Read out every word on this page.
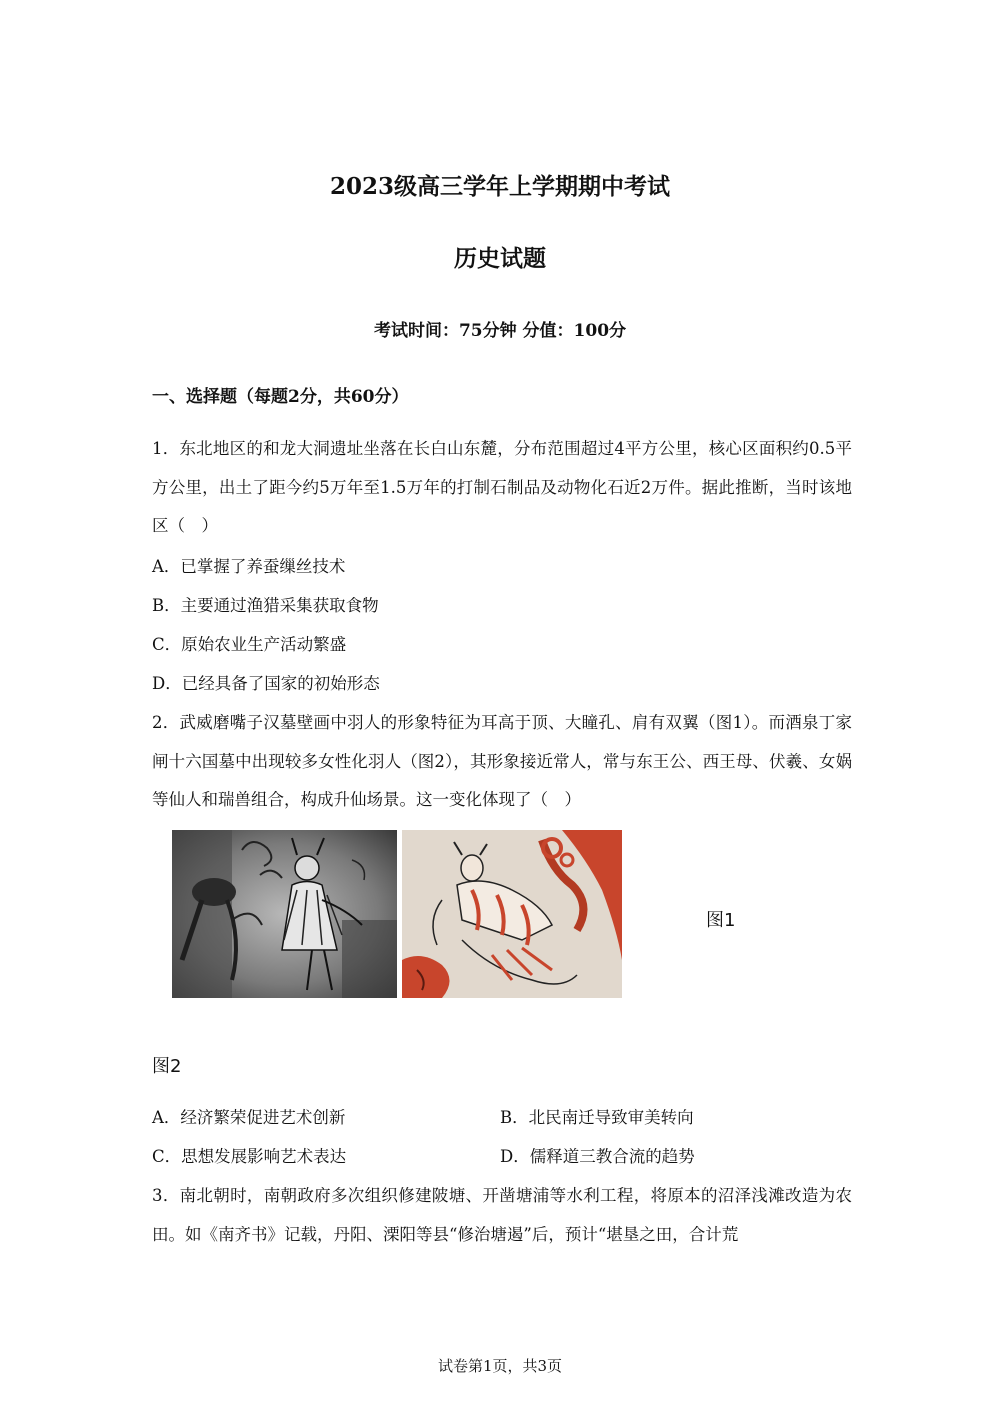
2023级高三学年上学期期中考试
历史试题
考试时间：75分钟 分值：100分
一、选择题（每题2分，共60分）

1．东北地区的和龙大洞遗址坐落在长白山东麓，分布范围超过4平方公里，核心区面积约0.5平方公里，出土了距今约5万年至1.5万年的打制石制品及动物化石近2万件。据此推断，当时该地区（　）

A．已掌握了养蚕缫丝技术
B．主要通过渔猎采集获取食物
C．原始农业生产活动繁盛
D．已经具备了国家的初始形态

2．武威磨嘴子汉墓壁画中羽人的形象特征为耳高于顶、大瞳孔、肩有双翼（图1）。而酒泉丁家闸十六国墓中出现较多女性化羽人（图2），其形象接近常人，常与东王公、西王母、伏羲、女娲等仙人和瑞兽组合，构成升仙场景。这一变化体现了（　）

图1
图2
A．经济繁荣促进艺术创新	B．北民南迁导致审美转向
C．思想发展影响艺术表达	D．儒释道三教合流的趋势

3．南北朝时，南朝政府多次组织修建陂塘、开凿塘浦等水利工程，将原本的沼泽浅滩改造为农田。如《南齐书》记载，丹阳、溧阳等县“修治塘遏”后，预计“堪垦之田，合计荒

试卷第1页，共3页
